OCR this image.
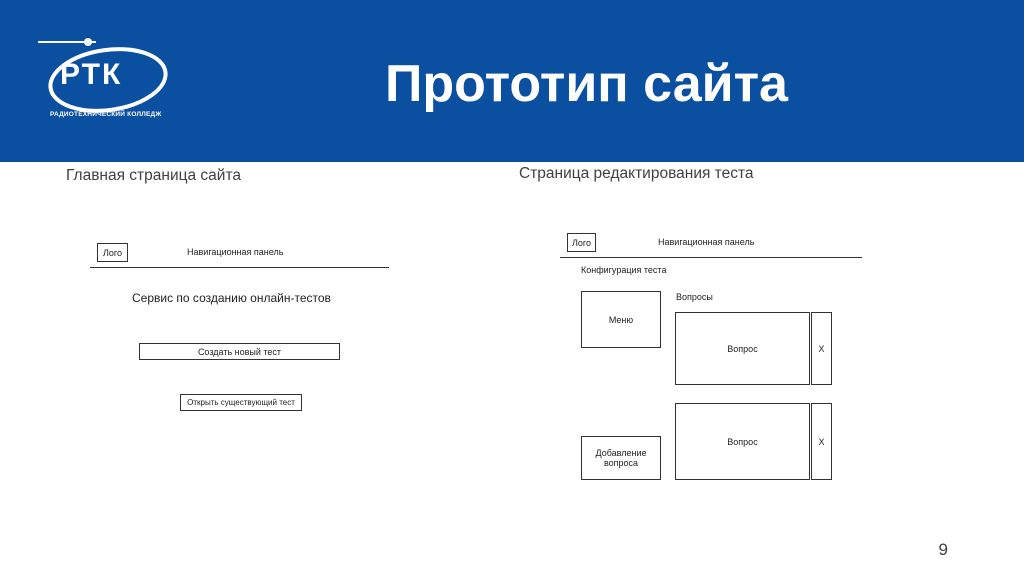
РТК
РАДИОТЕХНИЧЕСКИЙ КОЛЛЕДЖ
Прототип сайта
Главная страница сайта
Лого	Навигационная панель
Сервис по созданию онлайн-тестов
Создать новый тест
Открыть существующий тест
Страница редактирования теста
Лого	Навигационная панель
Конфигурация теста
Вопросы
Меню
Добавление вопроса
Вопрос	X
Вопрос	X
9
